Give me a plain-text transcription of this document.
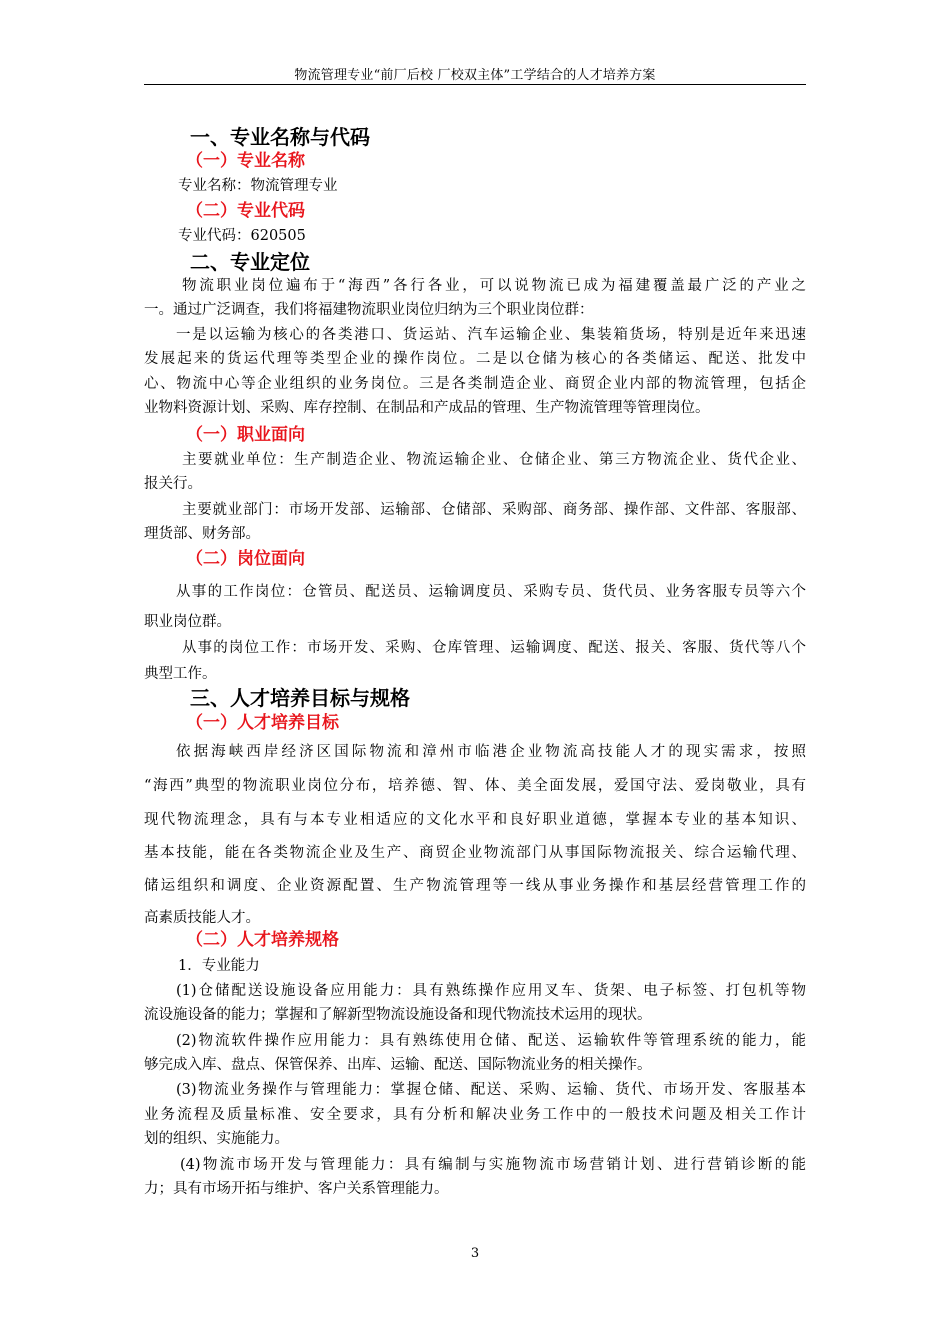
物流管理专业“前厂后校 厂校双主体”工学结合的人才培养方案
一、专业名称与代码
（一）专业名称
专业名称：物流管理专业
（二）专业代码
专业代码：620505
二、专业定位
物流职业岗位遍布于“海西”各行各业，可以说物流已成为福建覆盖最广泛的产业之
一。通过广泛调查，我们将福建物流职业岗位归纳为三个职业岗位群：
一是以运输为核心的各类港口、货运站、汽车运输企业、集装箱货场，特别是近年来迅速
发展起来的货运代理等类型企业的操作岗位。二是以仓储为核心的各类储运、配送、批发中
心、物流中心等企业组织的业务岗位。三是各类制造企业、商贸企业内部的物流管理，包括企
业物料资源计划、采购、库存控制、在制品和产成品的管理、生产物流管理等管理岗位。
（一）职业面向
主要就业单位：生产制造企业、物流运输企业、仓储企业、第三方物流企业、货代企业、
报关行。
主要就业部门：市场开发部、运输部、仓储部、采购部、商务部、操作部、文件部、客服部、
理货部、财务部。
（二）岗位面向
从事的工作岗位：仓管员、配送员、运输调度员、采购专员、货代员、业务客服专员等六个
职业岗位群。
从事的岗位工作：市场开发、采购、仓库管理、运输调度、配送、报关、客服、货代等八个
典型工作。
三、人才培养目标与规格
（一）人才培养目标
依据海峡西岸经济区国际物流和漳州市临港企业物流高技能人才的现实需求，按照
“海西”典型的物流职业岗位分布，培养德、智、体、美全面发展，爱国守法、爱岗敬业，具有
现代物流理念，具有与本专业相适应的文化水平和良好职业道德，掌握本专业的基本知识、
基本技能，能在各类物流企业及生产、商贸企业物流部门从事国际物流报关、综合运输代理、
储运组织和调度、企业资源配置、生产物流管理等一线从事业务操作和基层经营管理工作的
高素质技能人才。
（二）人才培养规格
1．专业能力
(1)仓储配送设施设备应用能力：具有熟练操作应用叉车、货架、电子标签、打包机等物
流设施设备的能力；掌握和了解新型物流设施设备和现代物流技术运用的现状。
(2)物流软件操作应用能力：具有熟练使用仓储、配送、运输软件等管理系统的能力，能
够完成入库、盘点、保管保养、出库、运输、配送、国际物流业务的相关操作。
(3)物流业务操作与管理能力：掌握仓储、配送、采购、运输、货代、市场开发、客服基本
业务流程及质量标准、安全要求，具有分析和解决业务工作中的一般技术问题及相关工作计
划的组织、实施能力。
(4)物流市场开发与管理能力：具有编制与实施物流市场营销计划、进行营销诊断的能
力；具有市场开拓与维护、客户关系管理能力。
3
